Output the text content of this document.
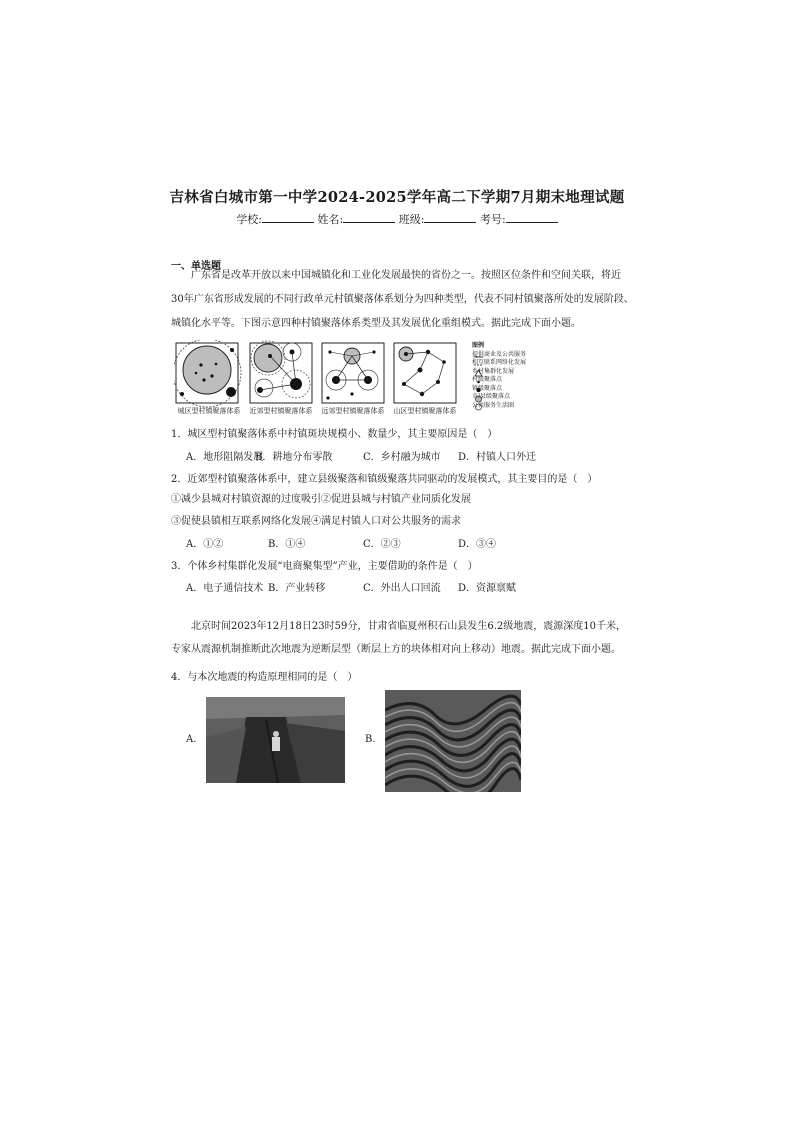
吉林省白城市第一中学2024-2025学年高二下学期7月期末地理试题
学校:	姓名:	班级:	考号:
一、单选题
广东省是改革开放以来中国城镇化和工业化发展最快的省份之一。按照区位条件和空间关联，将近
30年广东省形成发展的不同行政单元村镇聚落体系划分为四种类型，代表不同村镇聚落所处的发展阶段、
城镇化水平等。下图示意四种村镇聚落体系类型及其发展优化重组模式。据此完成下面小题。
图例
提供商业及公共服务
相互联系网络化发展
乡村集群化发展
村级聚落点
镇级聚落点
市/县级聚落点
公共服务生活圈
城区型村镇聚落体系	近郊型村镇聚落体系	远郊型村镇聚落体系	山区型村镇聚落体系
1．城区型村镇聚落体系中村镇斑块规模小、数量少，其主要原因是（　）
A．地形阻隔发展
B．耕地分布零散	C．乡村融为城市 D．村镇人口外迁
2．近郊型村镇聚落体系中，建立县级聚落和镇级聚落共同驱动的发展模式，其主要目的是（　）
①减少县城对村镇资源的过度吸引②促进县城与村镇产业同质化发展
③促使县镇相互联系网络化发展④满足村镇人口对公共服务的需求
A．①②	B．①④	C．②③	D．③④
3．个体乡村集群化发展“电商聚集型”产业，主要借助的条件是（　）
A．电子通信技术 B．产业转移	C．外出人口回流 D．资源禀赋
北京时间2023年12月18日23时59分，甘肃省临夏州积石山县发生6.2级地震，震源深度10千米，
专家从震源机制推断此次地震为逆断层型（断层上方的块体相对向上移动）地震。据此完成下面小题。
4．与本次地震的构造原理相同的是（　）
A.	B.
